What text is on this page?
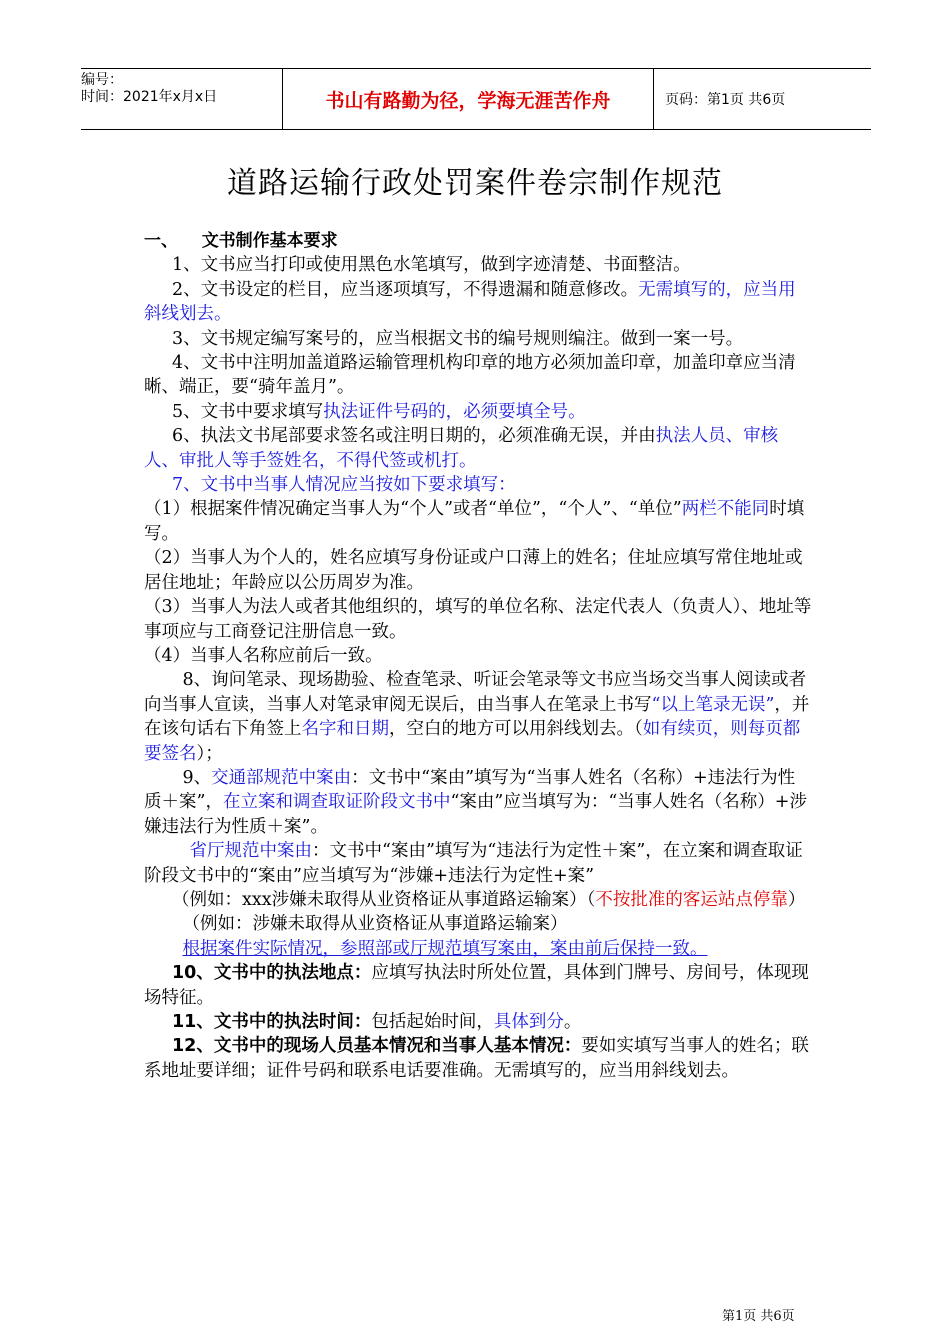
编号：
时间：2021年x月x日	书山有路勤为径，学海无涯苦作舟	页码：第1页 共6页
道路运输行政处罚案件卷宗制作规范

一、 文书制作基本要求

1、文书应当打印或使用黑色水笔填写，做到字迹清楚、书面整洁。

2、文书设定的栏目，应当逐项填写，不得遗漏和随意修改。无需填写的，应当用斜线划去。

3、文书规定编写案号的，应当根据文书的编号规则编注。做到一案一号。

4、文书中注明加盖道路运输管理机构印章的地方必须加盖印章，加盖印章应当清晰、端正，要“骑年盖月”。

5、文书中要求填写执法证件号码的，必须要填全号。

6、执法文书尾部要求签名或注明日期的，必须准确无误，并由执法人员、审核人、审批人等手签姓名，不得代签或机打。

7、文书中当事人情况应当按如下要求填写：

（1）根据案件情况确定当事人为“个人”或者“单位”，“个人”、“单位”两栏不能同时填写。

（2）当事人为个人的，姓名应填写身份证或户口薄上的姓名；住址应填写常住地址或居住地址；年龄应以公历周岁为准。

（3）当事人为法人或者其他组织的，填写的单位名称、法定代表人（负责人）、地址等事项应与工商登记注册信息一致。

（4）当事人名称应前后一致。

8、询问笔录、现场勘验、检查笔录、听证会笔录等文书应当场交当事人阅读或者向当事人宣读，当事人对笔录审阅无误后，由当事人在笔录上书写“以上笔录无误”，并在该句话右下角签上名字和日期，空白的地方可以用斜线划去。（如有续页，则每页都要签名）；

9、交通部规范中案由：文书中“案由”填写为“当事人姓名（名称）+违法行为性质＋案”，在立案和调查取证阶段文书中“案由”应当填写为：“当事人姓名（名称）+涉嫌违法行为性质＋案”。

省厅规范中案由：文书中“案由”填写为“违法行为定性＋案”，在立案和调查取证阶段文书中的“案由”应当填写为“涉嫌+违法行为定性+案”

（例如：xxx涉嫌未取得从业资格证从事道路运输案）（不按批准的客运站点停靠）

（例如：涉嫌未取得从业资格证从事道路运输案）

根据案件实际情况，参照部或厅规范填写案由，案由前后保持一致。

10、文书中的执法地点：应填写执法时所处位置，具体到门牌号、房间号，体现现场特征。

11、文书中的执法时间：包括起始时间，具体到分。

12、文书中的现场人员基本情况和当事人基本情况：要如实填写当事人的姓名；联系地址要详细；证件号码和联系电话要准确。无需填写的，应当用斜线划去。

第1页 共6页
